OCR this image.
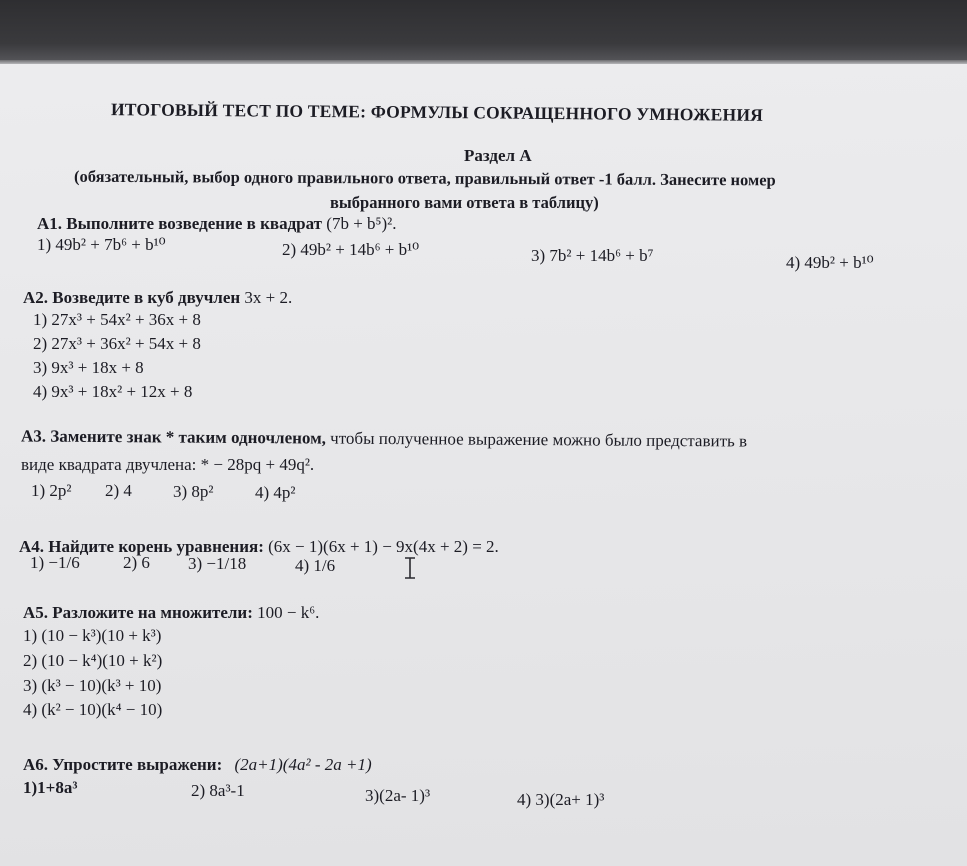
ИТОГОВЫЙ ТЕСТ ПО ТЕМЕ: ФОРМУЛЫ СОКРАЩЕННОГО УМНОЖЕНИЯ
Раздел А
(обязательный, выбор одного правильного ответа, правильный ответ -1 балл. Занесите номер
выбранного вами ответа в таблицу)
А1. Выполните возведение в квадрат (7b + b⁵)².
1) 49b² + 7b⁶ + b¹⁰	2) 49b² + 14b⁶ + b¹⁰	3) 7b² + 14b⁶ + b⁷	4) 49b² + b¹⁰
А2. Возведите в куб двучлен 3x + 2.
1) 27x³ + 54x² + 36x + 8
2) 27x³ + 36x² + 54x + 8
3) 9x³ + 18x + 8
4) 9x³ + 18x² + 12x + 8
А3. Замените знак * таким одночленом, чтобы полученное выражение можно было представить в
виде квадрата двучлена: * − 28pq + 49q².
1) 2p² 2) 4 3) 8p² 4) 4p²
А4. Найдите корень уравнения: (6x − 1)(6x + 1) − 9x(4x + 2) = 2.
1) −1/6	2) 6 3) −1/18	4) 1/6
А5. Разложите на множители: 100 − k⁶.
1) (10 − k³)(10 + k³)
2) (10 − k⁴)(10 + k²)
3) (k³ − 10)(k³ + 10)
4) (k² − 10)(k⁴ − 10)
А6. Упростите выражени: (2a+1)(4a² - 2a +1)
1)1+8a³	2) 8a³-1	3)(2a- 1)³	4) 3)(2a+ 1)³
